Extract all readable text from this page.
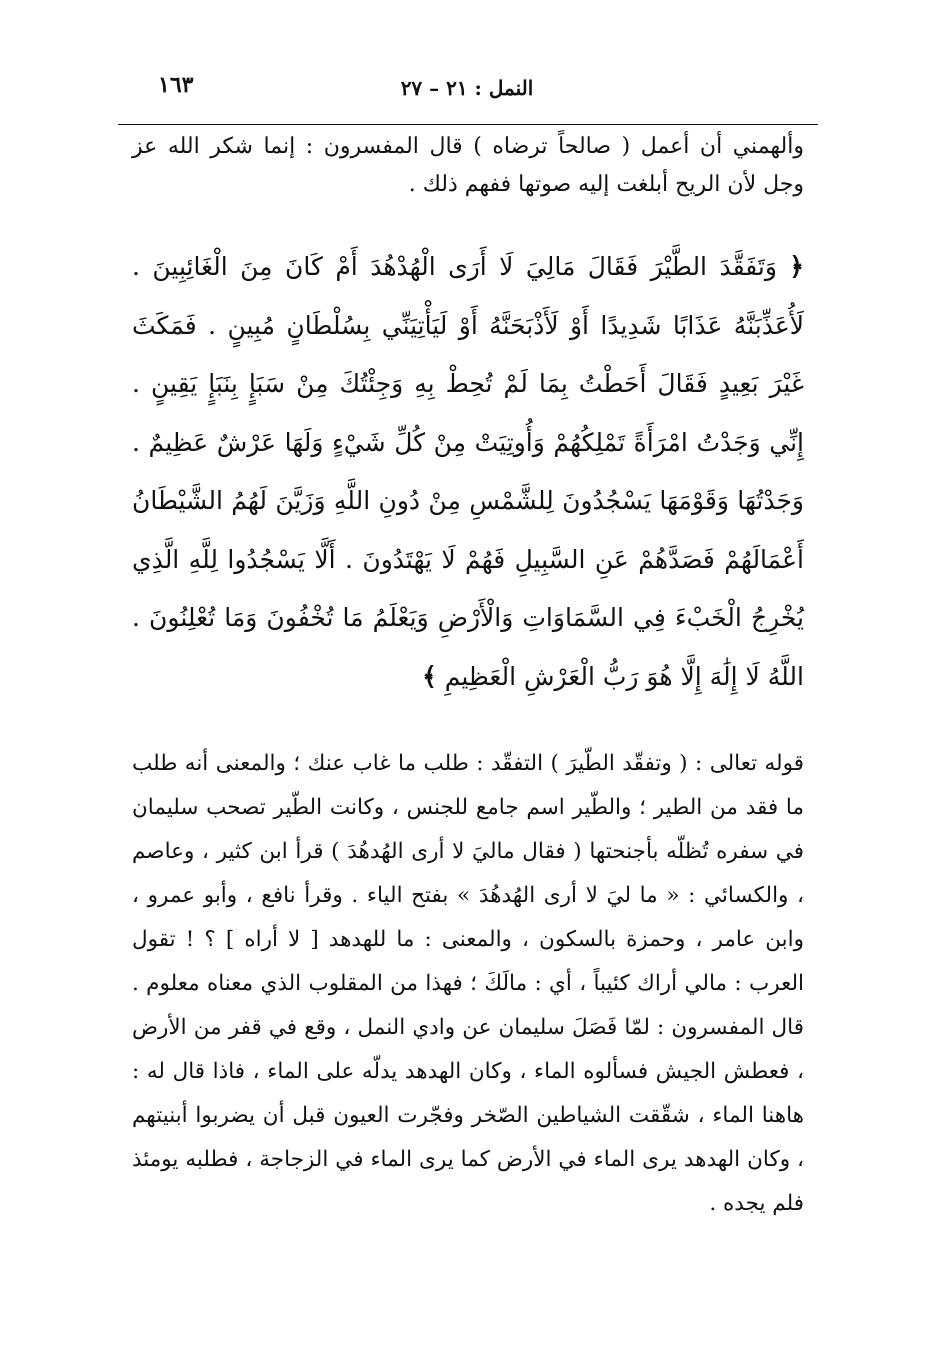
النمل : ٢١ – ٢٧
١٦٣

وألهمني أن أعمل ( صالحاً ترضاه ) قال المفسرون : إنما شكر الله عز وجل لأن الريح أبلغت إليه صوتها ففهم ذلك .

﴿ وَتَفَقَّدَ الطَّيْرَ فَقَالَ مَالِيَ لَا أَرَى الْهُدْهُدَ أَمْ كَانَ مِنَ الْغَائِبِينَ . لَأُعَذِّبَنَّهُ عَذَابًا شَدِيدًا أَوْ لَأَذْبَحَنَّهُ أَوْ لَيَأْتِيَنِّي بِسُلْطَانٍ مُبِينٍ . فَمَكَثَ غَيْرَ بَعِيدٍ فَقَالَ أَحَطْتُ بِمَا لَمْ تُحِطْ بِهِ وَجِئْتُكَ مِنْ سَبَإٍ بِنَبَإٍ يَقِينٍ . إِنِّي وَجَدْتُ امْرَأَةً تَمْلِكُهُمْ وَأُوتِيَتْ مِنْ كُلِّ شَيْءٍ وَلَهَا عَرْشٌ عَظِيمٌ . وَجَدْتُهَا وَقَوْمَهَا يَسْجُدُونَ لِلشَّمْسِ مِنْ دُونِ اللَّهِ وَزَيَّنَ لَهُمُ الشَّيْطَانُ أَعْمَالَهُمْ فَصَدَّهُمْ عَنِ السَّبِيلِ فَهُمْ لَا يَهْتَدُونَ . أَلَّا يَسْجُدُوا لِلَّهِ الَّذِي يُخْرِجُ الْخَبْءَ فِي السَّمَاوَاتِ وَالْأَرْضِ وَيَعْلَمُ مَا تُخْفُونَ وَمَا تُعْلِنُونَ . اللَّهُ لَا إِلَٰهَ إِلَّا هُوَ رَبُّ الْعَرْشِ الْعَظِيمِ ﴾

قوله تعالى : ( وتفقّد الطّيرَ ) التفقّد : طلب ما غاب عنك ؛ والمعنى أنه طلب ما فقد من الطير ؛ والطّير اسم جامع للجنس ، وكانت الطّير تصحب سليمان في سفره تُظلّه بأجنحتها ( فقال ماليَ لا أرى الهُدهُدَ ) قرأ ابن كثير ، وعاصم ، والكسائي : « ما ليَ لا أرى الهُدهُدَ » بفتح الياء . وقرأ نافع ، وأبو عمرو ، وابن عامر ، وحمزة بالسكون ، والمعنى : ما للهدهد [ لا أراه ] ؟ ! تقول العرب : مالي أراك كئيباً ، أي : مالَكَ ؛ فهذا من المقلوب الذي معناه معلوم . قال المفسرون : لمّا فَصَلَ سليمان عن وادي النمل ، وقع في قفر من الأرض ، فعطش الجيش فسألوه الماء ، وكان الهدهد يدلّه على الماء ، فاذا قال له : هاهنا الماء ، شقّقت الشياطين الصّخر وفجّرت العيون قبل أن يضربوا أبنيتهم ، وكان الهدهد يرى الماء في الأرض كما يرى الماء في الزجاجة ، فطلبه يومئذ فلم يجده .
